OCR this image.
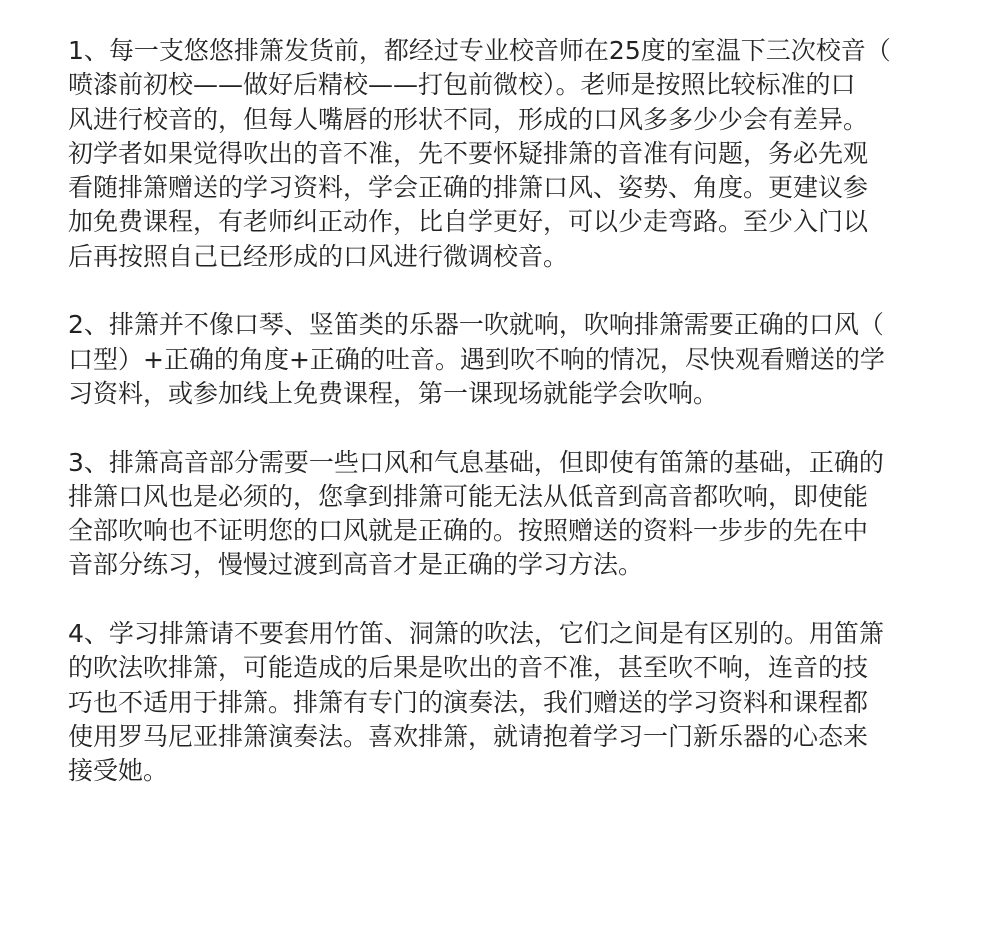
1、每一支悠悠排箫发货前，都经过专业校音师在25度的室温下三次校音（
喷漆前初校——做好后精校——打包前微校）。老师是按照比较标准的口
风进行校音的，但每人嘴唇的形状不同，形成的口风多多少少会有差异。
初学者如果觉得吹出的音不准，先不要怀疑排箫的音准有问题，务必先观
看随排箫赠送的学习资料，学会正确的排箫口风、姿势、角度。更建议参
加免费课程，有老师纠正动作，比自学更好，可以少走弯路。至少入门以
后再按照自己已经形成的口风进行微调校音。

2、排箫并不像口琴、竖笛类的乐器一吹就响，吹响排箫需要正确的口风（
口型）+正确的角度+正确的吐音。遇到吹不响的情况，尽快观看赠送的学
习资料，或参加线上免费课程，第一课现场就能学会吹响。

3、排箫高音部分需要一些口风和气息基础，但即使有笛箫的基础，正确的
排箫口风也是必须的，您拿到排箫可能无法从低音到高音都吹响，即使能
全部吹响也不证明您的口风就是正确的。按照赠送的资料一步步的先在中
音部分练习，慢慢过渡到高音才是正确的学习方法。

4、学习排箫请不要套用竹笛、洞箫的吹法，它们之间是有区别的。用笛箫
的吹法吹排箫，可能造成的后果是吹出的音不准，甚至吹不响，连音的技
巧也不适用于排箫。排箫有专门的演奏法，我们赠送的学习资料和课程都
使用罗马尼亚排箫演奏法。喜欢排箫，就请抱着学习一门新乐器的心态来
接受她。
